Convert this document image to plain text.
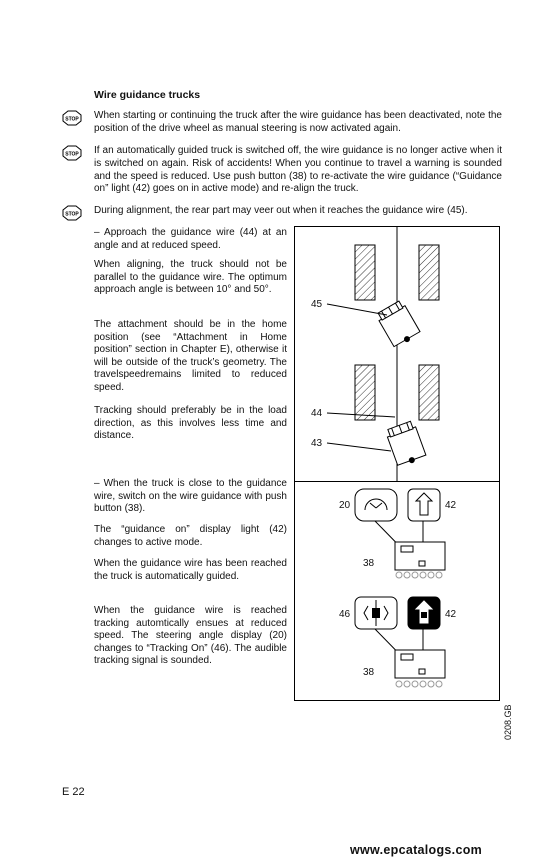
Wire guidance trucks
STOP When starting or continuing the truck after the wire guidance has been deactivated, note the position of the drive wheel as manual steering is now activated again.
STOP If an automatically guided truck is switched off, the wire guidance is no longer active when it is switched on again. Risk of accidents! When you continue to travel a warning is sounded and the speed is reduced. Use push button (38) to re-activate the wire guidance (“Guidance on” light (42) goes on in active mode) and re-align the truck.
STOP During alignment, the rear part may veer out when it reaches the guidance wire (45).
– Approach the guidance wire (44) at an angle and at reduced speed.
When aligning, the truck should not be parallel to the guidance wire. The optimum approach angle is between 10° and 50°.
The attachment should be in the home position (see “Attachment in Home position” section in Chapter E), otherwise it will be outside of the truck’s geometry. The travelspeedremains limited to reduced speed.
Tracking should preferably be in the load direction, as this involves less time and distance.
– When the truck is close to the guidance wire, switch on the wire guidance with push button (38).
The “guidance on” display light (42) changes to active mode.
When the guidance wire has been reached the truck is automatically guided.
When the guidance wire is reached tracking automtically ensues at reduced speed. The steering angle display (20) changes to “Tracking On” (46). The audible tracking signal is sounded.
45
44
43
20	42
38
46	42
38
0208.GB
E 22
www.epcatalogs.com
